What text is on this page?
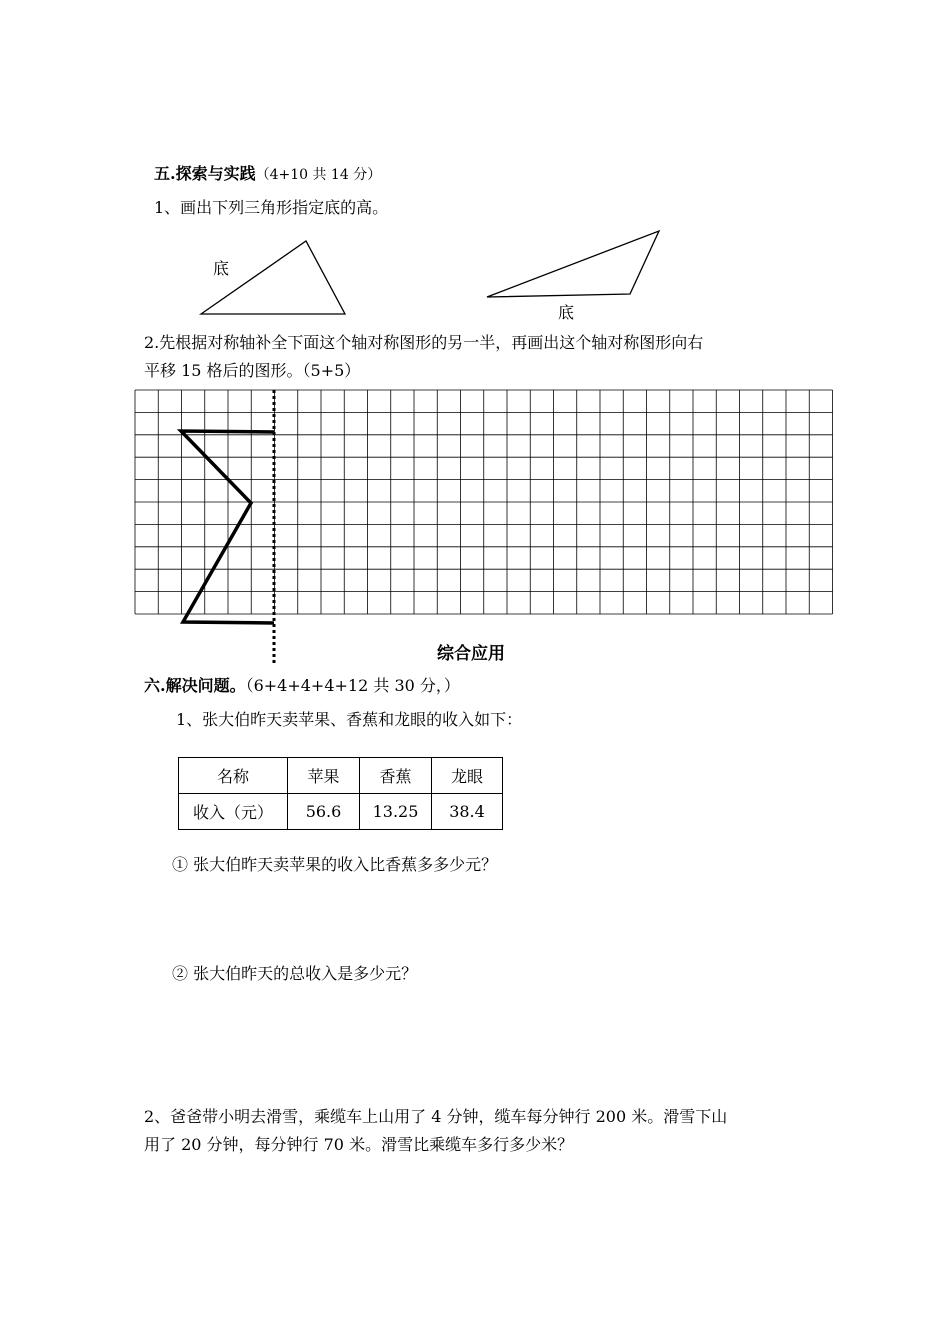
五.探索与实践（4+10 共 14 分）
1、画出下列三角形指定底的高。
底
底
2.先根据对称轴补全下面这个轴对称图形的另一半，再画出这个轴对称图形向右
平移 15 格后的图形。（5+5）
综合应用
六.解决问题。（6+4+4+4+12 共 30 分，）
1、张大伯昨天卖苹果、香蕉和龙眼的收入如下：
名称	苹果	香蕉	龙眼
收入（元）	56.6	13.25	38.4
① 张大伯昨天卖苹果的收入比香蕉多多少元？
② 张大伯昨天的总收入是多少元？
2、爸爸带小明去滑雪，乘缆车上山用了 4 分钟，缆车每分钟行 200 米。滑雪下山
用了 20 分钟，每分钟行 70 米。滑雪比乘缆车多行多少米？
